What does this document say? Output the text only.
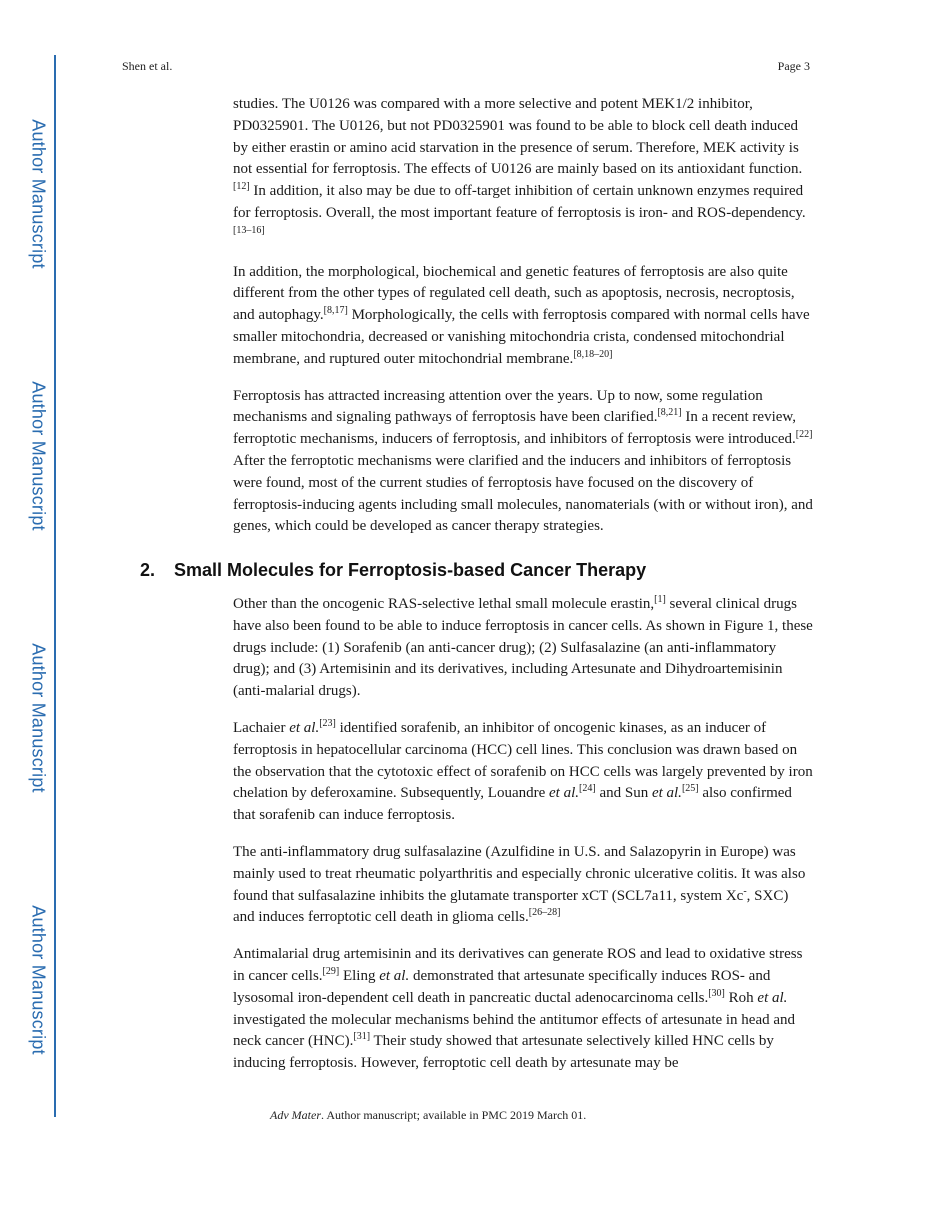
Author Manuscript
Author Manuscript
Author Manuscript
Author Manuscript
Shen et al.	Page 3

studies. The U0126 was compared with a more selective and potent MEK1/2 inhibitor, PD0325901. The U0126, but not PD0325901 was found to be able to block cell death induced by either erastin or amino acid starvation in the presence of serum. Therefore, MEK activity is not essential for ferroptosis. The effects of U0126 are mainly based on its antioxidant function.[12] In addition, it also may be due to off-target inhibition of certain unknown enzymes required for ferroptosis. Overall, the most important feature of ferroptosis is iron- and ROS-dependency.[13–16]

In addition, the morphological, biochemical and genetic features of ferroptosis are also quite different from the other types of regulated cell death, such as apoptosis, necrosis, necroptosis, and autophagy.[8,17] Morphologically, the cells with ferroptosis compared with normal cells have smaller mitochondria, decreased or vanishing mitochondria crista, condensed mitochondrial membrane, and ruptured outer mitochondrial membrane.[8,18–20]

Ferroptosis has attracted increasing attention over the years. Up to now, some regulation mechanisms and signaling pathways of ferroptosis have been clarified.[8,21] In a recent review, ferroptotic mechanisms, inducers of ferroptosis, and inhibitors of ferroptosis were introduced.[22] After the ferroptotic mechanisms were clarified and the inducers and inhibitors of ferroptosis were found, most of the current studies of ferroptosis have focused on the discovery of ferroptosis-inducing agents including small molecules, nanomaterials (with or without iron), and genes, which could be developed as cancer therapy strategies.

2. Small Molecules for Ferroptosis-based Cancer Therapy

Other than the oncogenic RAS-selective lethal small molecule erastin,[1] several clinical drugs have also been found to be able to induce ferroptosis in cancer cells. As shown in Figure 1, these drugs include: (1) Sorafenib (an anti-cancer drug); (2) Sulfasalazine (an anti-inflammatory drug); and (3) Artemisinin and its derivatives, including Artesunate and Dihydroartemisinin (anti-malarial drugs).

Lachaier et al.[23] identified sorafenib, an inhibitor of oncogenic kinases, as an inducer of ferroptosis in hepatocellular carcinoma (HCC) cell lines. This conclusion was drawn based on the observation that the cytotoxic effect of sorafenib on HCC cells was largely prevented by iron chelation by deferoxamine. Subsequently, Louandre et al.[24] and Sun et al.[25] also confirmed that sorafenib can induce ferroptosis.

The anti-inflammatory drug sulfasalazine (Azulfidine in U.S. and Salazopyrin in Europe) was mainly used to treat rheumatic polyarthritis and especially chronic ulcerative colitis. It was also found that sulfasalazine inhibits the glutamate transporter xCT (SCL7a11, system Xc-, SXC) and induces ferroptotic cell death in glioma cells.[26–28]

Antimalarial drug artemisinin and its derivatives can generate ROS and lead to oxidative stress in cancer cells.[29] Eling et al. demonstrated that artesunate specifically induces ROS- and lysosomal iron-dependent cell death in pancreatic ductal adenocarcinoma cells.[30] Roh et al. investigated the molecular mechanisms behind the antitumor effects of artesunate in head and neck cancer (HNC).[31] Their study showed that artesunate selectively killed HNC cells by inducing ferroptosis. However, ferroptotic cell death by artesunate may be

Adv Mater. Author manuscript; available in PMC 2019 March 01.
